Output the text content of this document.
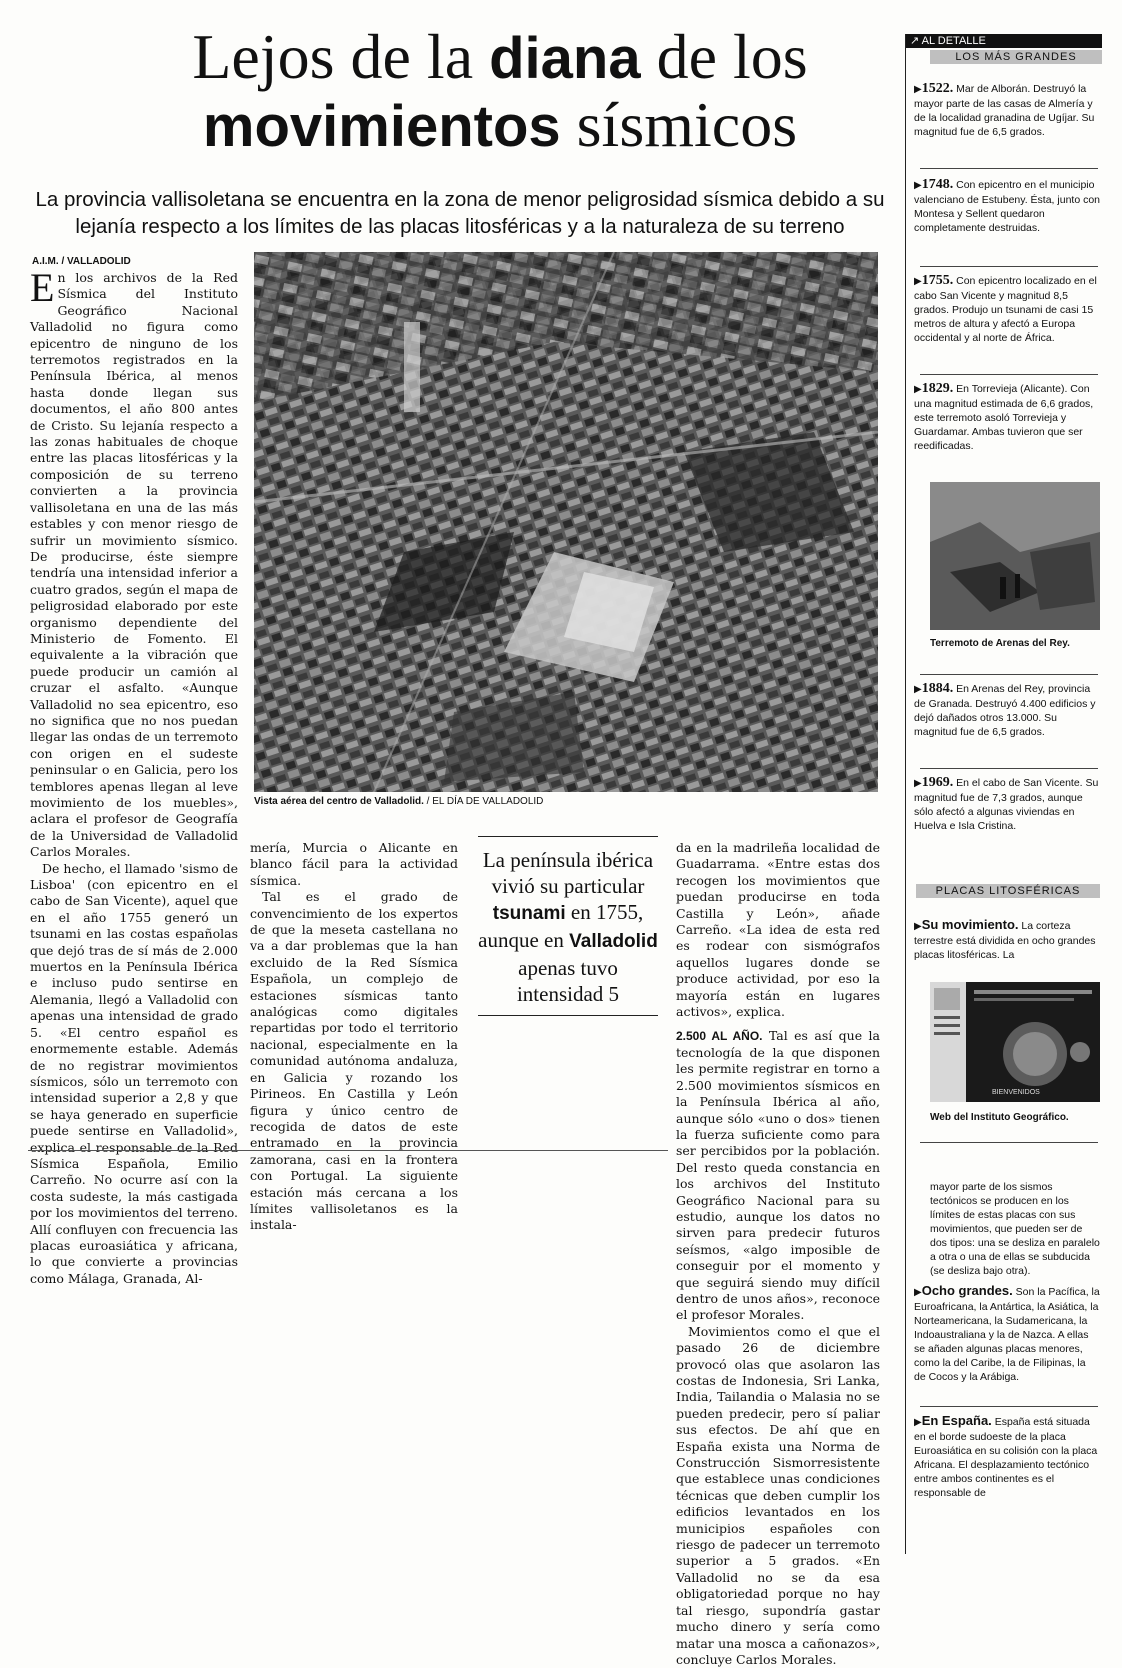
Lejos de la diana de los
movimientos sísmicos

La provincia vallisoletana se encuentra en la zona de menor peligrosidad sísmica debido a su lejanía respecto a los límites de las placas litosféricas y a la naturaleza de su terreno

A.I.M. / VALLADOLID

En los archivos de la Red Sísmica del Instituto Geográfico Nacional Valladolid no figura como epicentro de ninguno de los terremotos registrados en la Península Ibérica, al menos hasta donde llegan sus documentos, el año 800 antes de Cristo. Su lejanía respecto a las zonas habituales de choque entre las placas litosféricas y la composición de su terreno convierten a la provincia vallisoletana en una de las más estables y con menor riesgo de sufrir un movimiento sísmico. De producirse, éste siempre tendría una intensidad inferior a cuatro grados, según el mapa de peligrosidad elaborado por este organismo dependiente del Ministerio de Fomento. El equivalente a la vibración que puede producir un camión al cruzar el asfalto. «Aunque Valladolid no sea epicentro, eso no significa que no nos puedan llegar las ondas de un terremoto con origen en el sudeste peninsular o en Galicia, pero los temblores apenas llegan al leve movimiento de los muebles», aclara el profesor de Geografía de la Universidad de Valladolid Carlos Morales.

De hecho, el llamado 'sismo de Lisboa' (con epicentro en el cabo de San Vicente), aquel que en el año 1755 generó un tsunami en las costas españolas que dejó tras de sí más de 2.000 muertos en la Península Ibérica e incluso pudo sentirse en Alemania, llegó a Valladolid con apenas una intensidad de grado 5. «El centro español es enormemente estable. Además de no registrar movimientos sísmicos, sólo un terremoto con intensidad superior a 2,8 y que se haya generado en superficie puede sentirse en Valladolid», explica el responsable de la Red Sísmica Española, Emilio Carreño. No ocurre así con la costa sudeste, la más castigada por los movimientos del terreno. Allí confluyen con frecuencia las placas euroasiática y africana, lo que convierte a provincias como Málaga, Granada, Al-

Vista aérea del centro de Valladolid. / EL DÍA DE VALLADOLID

mería, Murcia o Alicante en blanco fácil para la actividad sísmica.

Tal es el grado de convencimiento de los expertos de que la meseta castellana no va a dar problemas que la han excluido de la Red Sísmica Española, un complejo de estaciones sísmicas tanto analógicas como digitales repartidas por todo el territorio nacional, especialmente en la comunidad autónoma andaluza, en Galicia y rozando los Pirineos. En Castilla y León figura y único centro de recogida de datos de este entramado en la provincia zamorana, casi en la frontera con Portugal. La siguiente estación más cercana a los límites vallisoletanos es la instala-

La península ibérica vivió su particular tsunami en 1755, aunque en Valladolid apenas tuvo intensidad 5

da en la madrileña localidad de Guadarrama. «Entre estas dos recogen los movimientos que puedan producirse en toda Castilla y León», añade Carreño. «La idea de esta red es rodear con sismógrafos aquellos lugares donde se produce actividad, por eso la mayoría están en lugares activos», explica.

2.500 AL AÑO. Tal es así que la tecnología de la que disponen les permite registrar en torno a 2.500 movimientos sísmicos en la Península Ibérica al año, aunque sólo «uno o dos» tienen la fuerza suficiente como para ser percibidos por la población. Del resto queda constancia en los archivos del Instituto Geográfico Nacional para su estudio, aunque los datos no sirven para predecir futuros seísmos, «algo imposible de conseguir por el momento y que seguirá siendo muy difícil dentro de unos años», reconoce el profesor Morales.

Movimientos como el que el pasado 26 de diciembre provocó olas que asolaron las costas de Indonesia, Sri Lanka, India, Tailandia o Malasia no se pueden predecir, pero sí paliar sus efectos. De ahí que en España exista una Norma de Construcción Sismorresistente que establece unas condiciones técnicas que deben cumplir los edificios levantados en los municipios españoles con riesgo de padecer un terremoto superior a 5 grados. «En Valladolid no se da esa obligatoriedad porque no hay tal riesgo, supondría gastar mucho dinero y sería como matar una mosca a cañonazos», concluye Carlos Morales.

↗ AL DETALLE
LOS MÁS GRANDES
▶1522. Mar de Alborán. Destruyó la mayor parte de las casas de Almería y de la localidad granadina de Ugíjar. Su magnitud fue de 6,5 grados.
▶1748. Con epicentro en el municipio valenciano de Estubeny. Ésta, junto con Montesa y Sellent quedaron completamente destruidas.
▶1755. Con epicentro localizado en el cabo San Vicente y magnitud 8,5 grados. Produjo un tsunami de casi 15 metros de altura y afectó a Europa occidental y al norte de África.
▶1829. En Torrevieja (Alicante). Con una magnitud estimada de 6,6 grados, este terremoto asoló Torrevieja y Guardamar. Ambas tuvieron que ser reedificadas.
Terremoto de Arenas del Rey.
▶1884. En Arenas del Rey, provincia de Granada. Destruyó 4.400 edificios y dejó dañados otros 13.000. Su magnitud fue de 6,5 grados.
▶1969. En el cabo de San Vicente. Su magnitud fue de 7,3 grados, aunque sólo afectó a algunas viviendas en Huelva e Isla Cristina.
PLACAS LITOSFÉRICAS
▶Su movimiento. La corteza terrestre está dividida en ocho grandes placas litosféricas. La
BIENVENIDOS
Web del Instituto Geográfico.
mayor parte de los sismos tectónicos se producen en los límites de estas placas con sus movimientos, que pueden ser de dos tipos: una se desliza en paralelo a otra o una de ellas se subducida (se desliza bajo otra).
▶Ocho grandes. Son la Pacífica, la Euroafricana, la Antártica, la Asiática, la Norteamericana, la Sudamericana, la Indoaustraliana y la de Nazca. A ellas se añaden algunas placas menores, como la del Caribe, la de Filipinas, la de Cocos y la Arábiga.
▶En España. España está situada en el borde sudoeste de la placa Euroasiática en su colisión con la placa Africana. El desplazamiento tectónico entre ambos continentes es el responsable de
